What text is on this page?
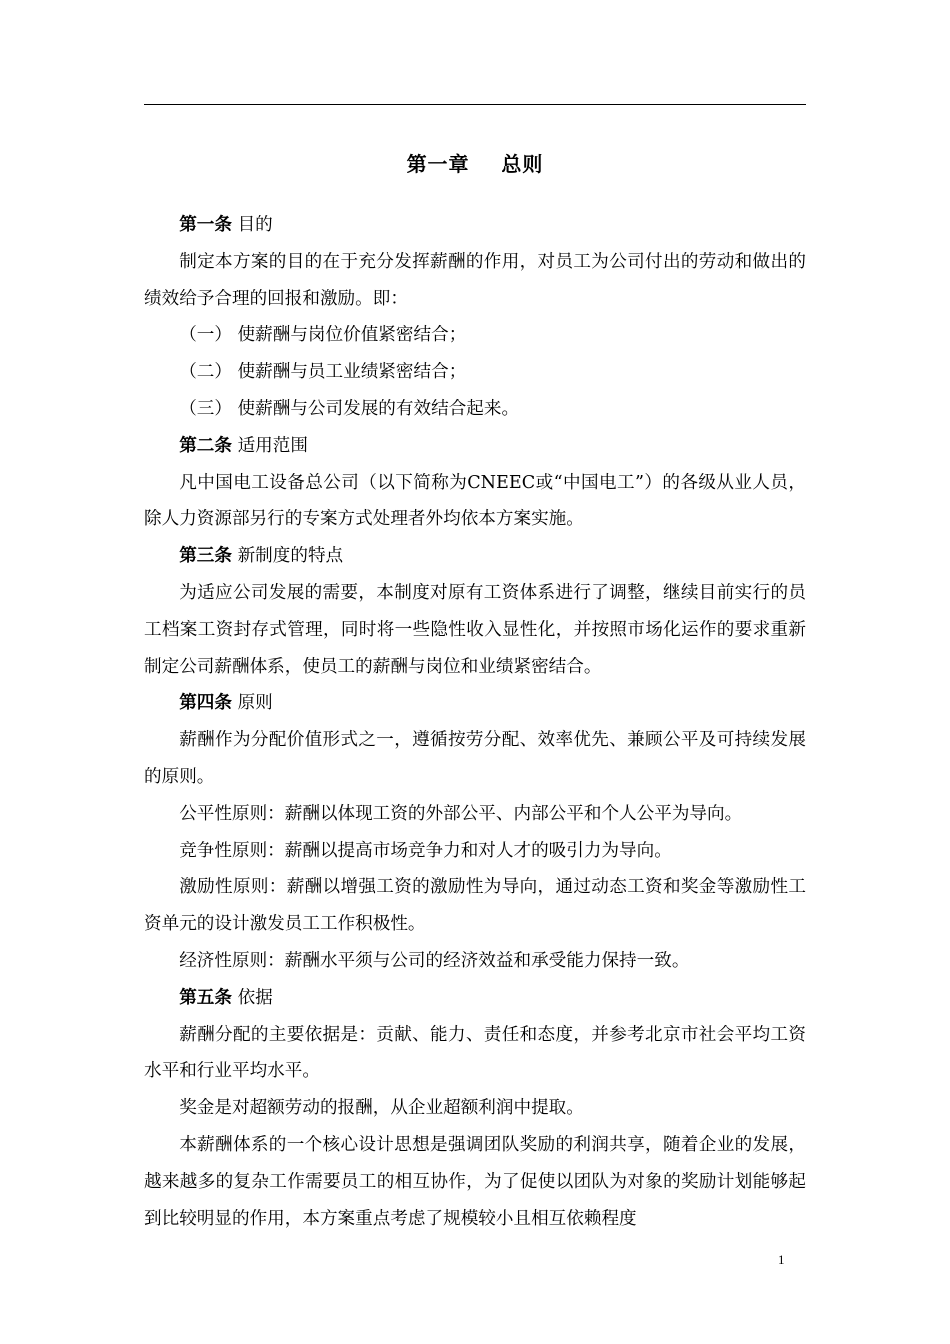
第一章    总则

第一条 目的

制定本方案的目的在于充分发挥薪酬的作用，对员工为公司付出的劳动和做出的绩效给予合理的回报和激励。即：

（一） 使薪酬与岗位价值紧密结合；

（二） 使薪酬与员工业绩紧密结合；

（三） 使薪酬与公司发展的有效结合起来。

第二条 适用范围

凡中国电工设备总公司（以下简称为CNEEC或“中国电工”）的各级从业人员，除人力资源部另行的专案方式处理者外均依本方案实施。

第三条 新制度的特点

为适应公司发展的需要，本制度对原有工资体系进行了调整，继续目前实行的员工档案工资封存式管理，同时将一些隐性收入显性化，并按照市场化运作的要求重新制定公司薪酬体系，使员工的薪酬与岗位和业绩紧密结合。

第四条 原则

薪酬作为分配价值形式之一，遵循按劳分配、效率优先、兼顾公平及可持续发展的原则。

公平性原则：薪酬以体现工资的外部公平、内部公平和个人公平为导向。

竞争性原则：薪酬以提高市场竞争力和对人才的吸引力为导向。

激励性原则：薪酬以增强工资的激励性为导向，通过动态工资和奖金等激励性工资单元的设计激发员工工作积极性。

经济性原则：薪酬水平须与公司的经济效益和承受能力保持一致。

第五条 依据

薪酬分配的主要依据是：贡献、能力、责任和态度，并参考北京市社会平均工资水平和行业平均水平。

奖金是对超额劳动的报酬，从企业超额利润中提取。

本薪酬体系的一个核心设计思想是强调团队奖励的利润共享，随着企业的发展，越来越多的复杂工作需要员工的相互协作，为了促使以团队为对象的奖励计划能够起到比较明显的作用，本方案重点考虑了规模较小且相互依赖程度

1
